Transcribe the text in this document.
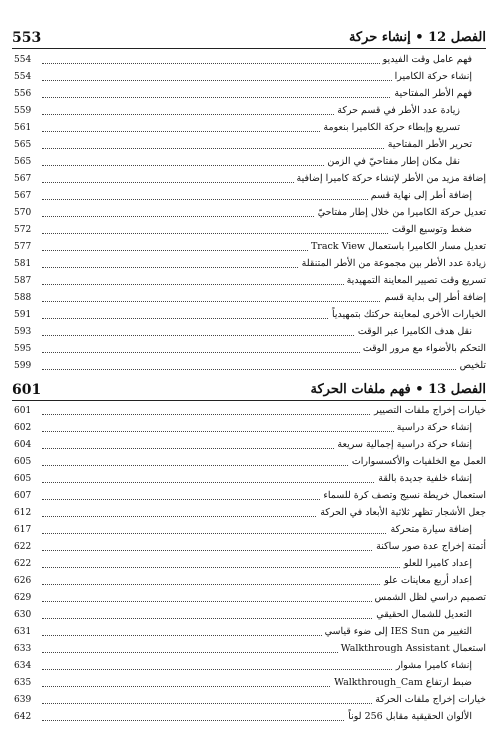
الفصل 12 • إنشاء حركة
553
554	فهم عامل وقت الفيديو
554	إنشاء حركة الكاميرا
556	فهم الأطر المفتاحية
559	زيادة عدد الأطر في قسم حركة
561	تسريع وإبطاء حركة الكاميرا بنعومة
565	تحرير الأطر المفتاحية
565	نقل مكان إطار مفتاحيّ في الزمن
567	إضافة مزيد من الأطر لإنشاء حركة كاميرا إضافية
567	إضافة أطر إلى نهاية قسم
570	تعديل حركة الكاميرا من خلال إطار مفتاحيّ
572	ضغط وتوسيع الوقت
577	تعديل مسار الكاميرا باستعمال Track View
581	زيادة عدد الأطر بين مجموعة من الأطر المتنقلة
587	تسريع وقت تصيير المعاينة التمهيدية
588	إضافة أطر إلى بداية قسم
591	الخيارات الأخرى لمعاينة حركتك بتمهيدياً
593	نقل هدف الكاميرا عبر الوقت
595	التحكم بالأضواء مع مرور الوقت
599	تلخيص
الفصل 13 • فهم ملفات الحركة
601
601	خيارات إخراج ملفات التصيير
602	إنشاء حركة دراسية
604	إنشاء حركة دراسية إجمالية سريعة
605	العمل مع الخلفيات والأكسسوارات
605	إنشاء خلفية جديدة بالقة
607	استعمال خريطة نسيج وتصف كرة للسماء
612	جعل الأشجار تظهر ثلاثية الأبعاد في الحركة
617	إضافة سيارة متحركة
622	أتمتة إخراج عدة صور ساكنة
622	إعداد كاميرا للعلو
626	إعداد أربع معاينات علو
629	تصميم دراسي لظل الشمس
630	التعديل للشمال الحقيقي
631	التغيير من IES Sun إلى ضوء قياسي
633	استعمال Walkthrough Assistant
634	إنشاء كاميرا مشوار
635	ضبط ارتفاع Walkthrough_Cam
639	خيارات إخراج ملفات الحركة
642	الألوان الحقيقية مقابل 256 لوناً
